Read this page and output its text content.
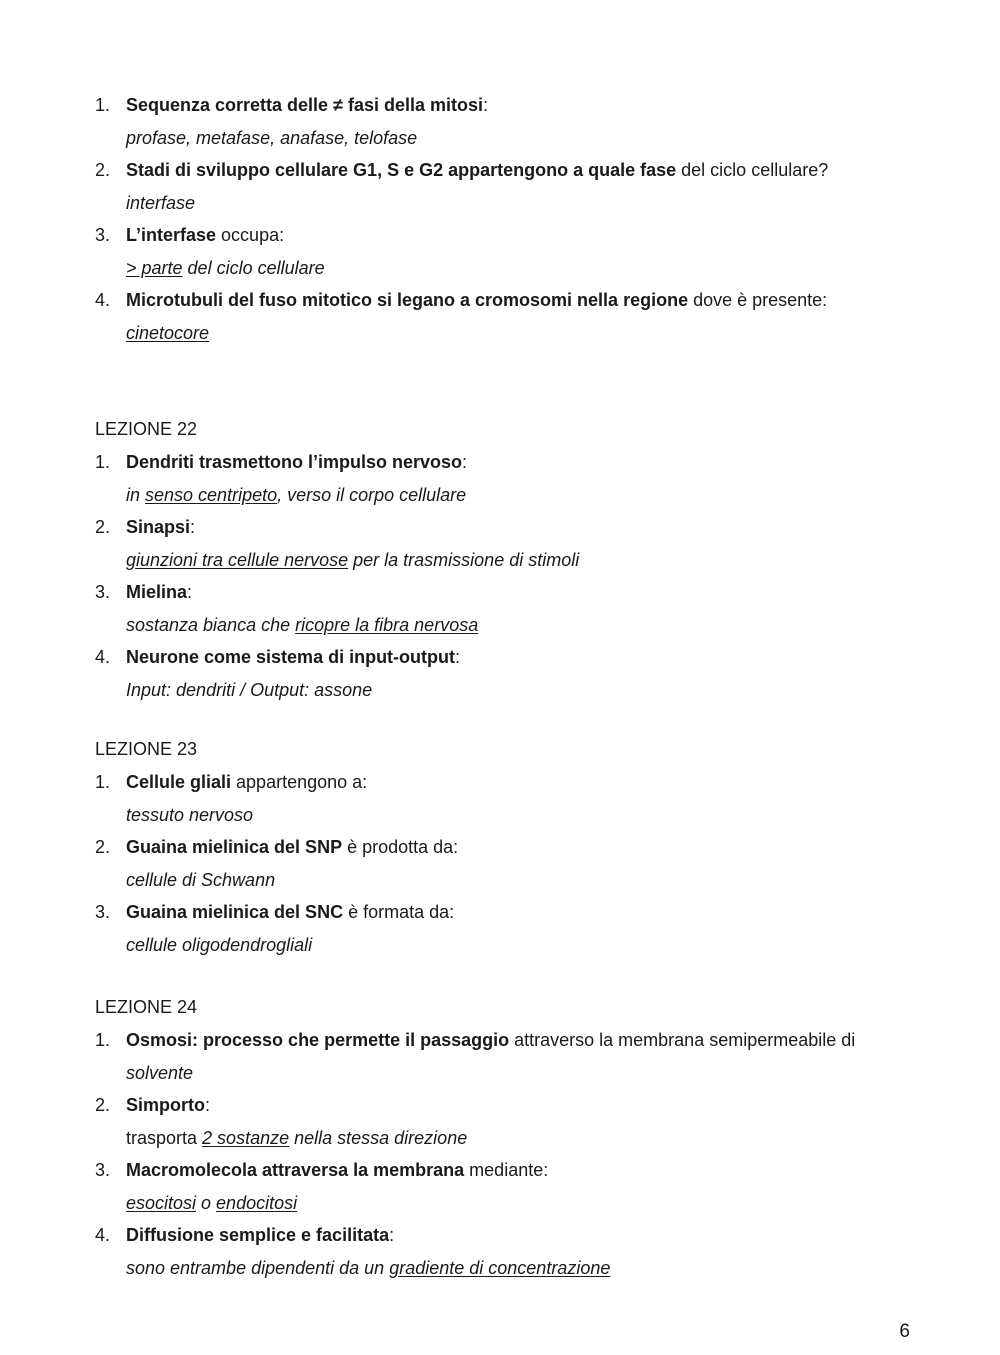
1. Sequenza corretta delle ≠ fasi della mitosi:
profase, metafase, anafase, telofase
2. Stadi di sviluppo cellulare G1, S e G2 appartengono a quale fase del ciclo cellulare?
interfase
3. L’interfase occupa:
> parte del ciclo cellulare
4. Microtubuli del fuso mitotico si legano a cromosomi nella regione dove è presente:
cinetocore
LEZIONE 22
1. Dendriti trasmettono l’impulso nervoso:
in senso centripeto, verso il corpo cellulare
2. Sinapsi:
giunzioni tra cellule nervose per la trasmissione di stimoli
3. Mielina:
sostanza bianca che ricopre la fibra nervosa
4. Neurone come sistema di input-output:
Input: dendriti / Output: assone
LEZIONE 23
1. Cellule gliali appartengono a:
tessuto nervoso
2. Guaina mielinica del SNP è prodotta da:
cellule di Schwann
3. Guaina mielinica del SNC è formata da:
cellule oligodendrogliali
LEZIONE 24
1. Osmosi: processo che permette il passaggio attraverso la membrana semipermeabile di
solvente
2. Simporto:
trasporta 2 sostanze nella stessa direzione
3. Macromolecola attraversa la membrana mediante:
esocitosi o endocitosi
4. Diffusione semplice e facilitata:
sono entrambe dipendenti da un gradiente di concentrazione
6
